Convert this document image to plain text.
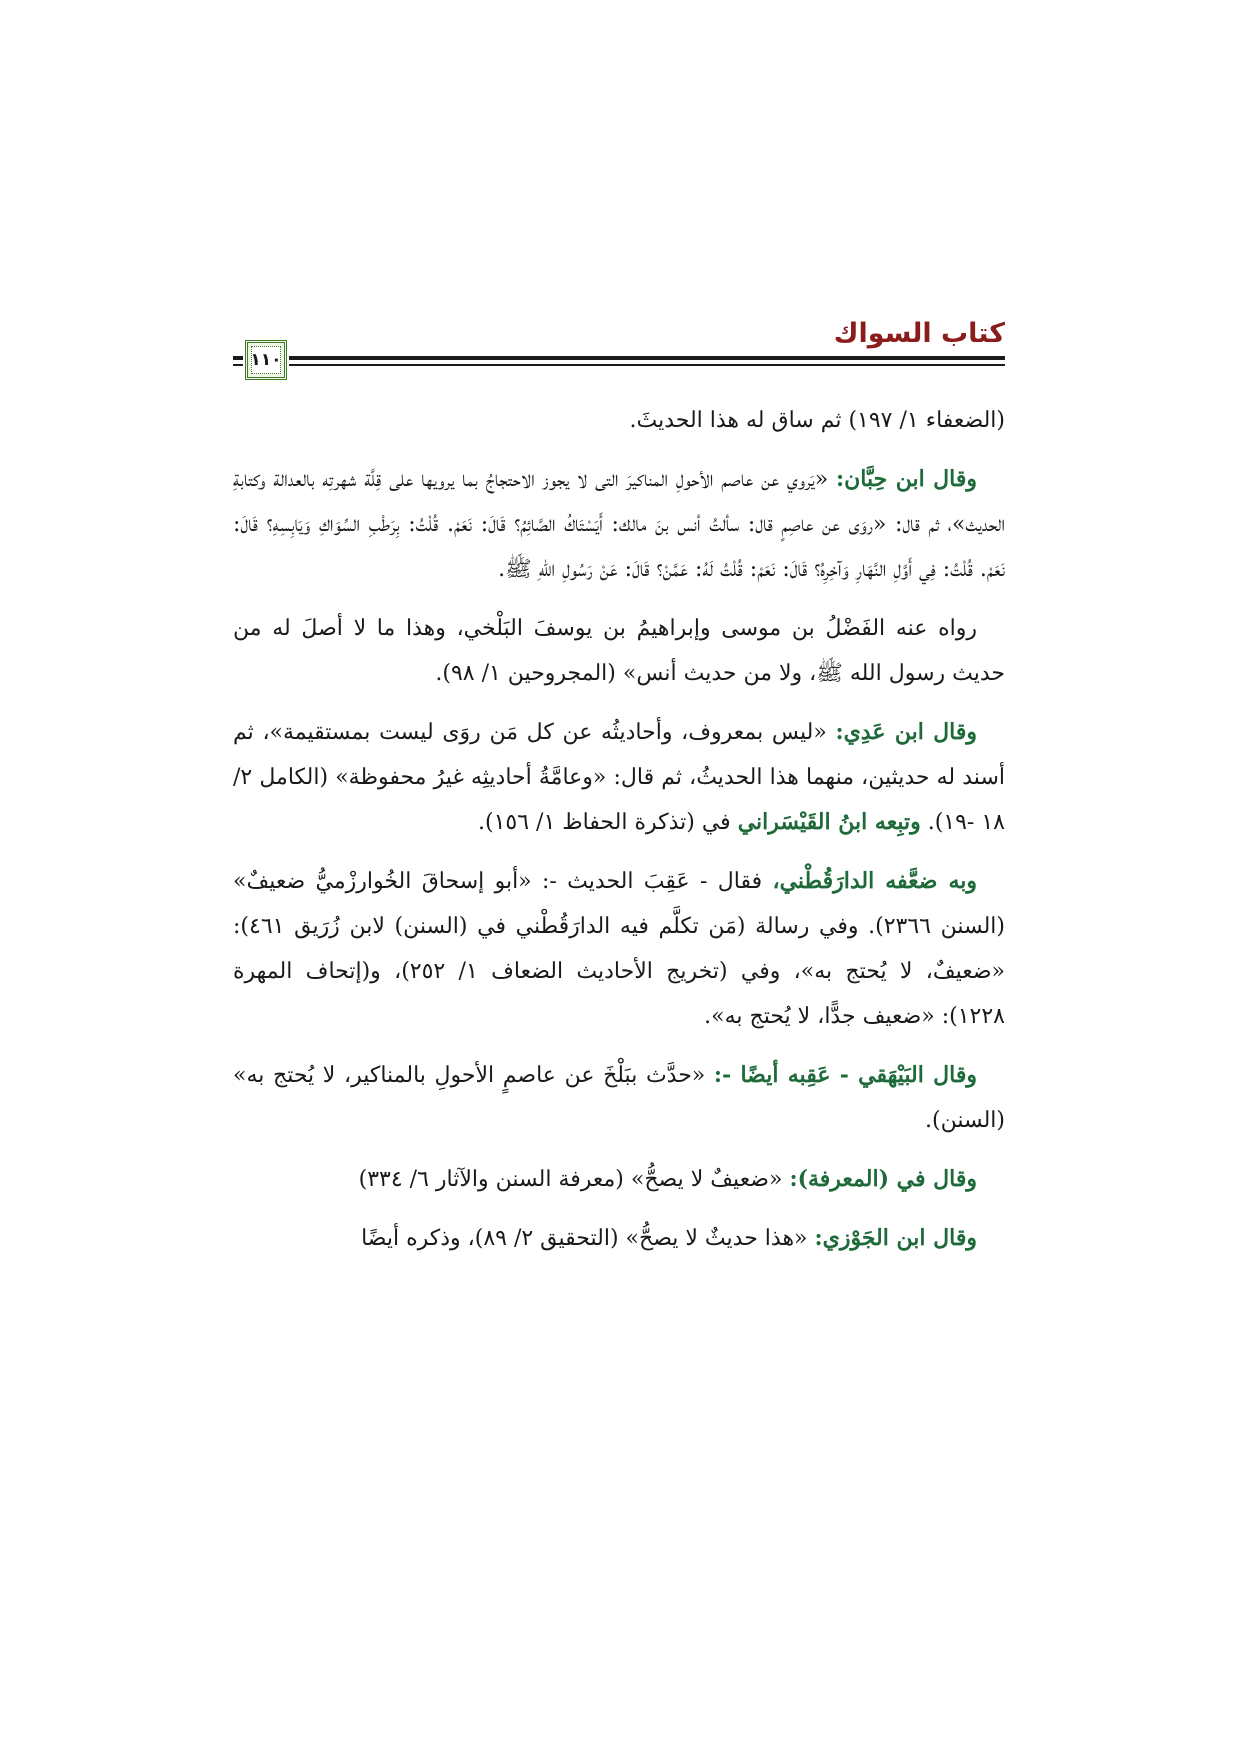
كتاب السواك
١١٠

(الضعفاء ١/ ١٩٧) ثم ساق له هذا الحديثَ.

وقال ابن حِبَّان: «يَروي عن عاصم الأحولِ المناكيرَ التى لا يجوز الاحتجاجُ بما يرويها على قِلَّة شهرتِه بالعدالة وكتابةِ الحديث»، ثم قال: «روَى عن عاصِمٍ قال: سألتُ أنس بنَ مالك: أَيَسْتَاكُ الصَّائِمُ؟ قَالَ: نَعَمْ. قُلْتُ: بِرَطْبِ السِّوَاكِ وَيَابِسِهِ؟ قَالَ: نَعَمْ. قُلْتُ: فِي أَوَّلِ النَّهَارِ وَآخِرِهُ؟ قَالَ: نَعَمْ: قُلْتُ لَهُ: عَمَّنْ؟ قَالَ: عَنْ رَسُولِ اللهِ ﷺ.

رواه عنه الفَضْلُ بن موسى وإبراهيمُ بن يوسفَ البَلْخي، وهذا ما لا أصلَ له من حديث رسول الله ﷺ، ولا من حديث أنس» (المجروحين ١/ ٩٨).

وقال ابن عَدِي: «ليس بمعروف، وأحاديثُه عن كل مَن روَى ليست بمستقيمة»، ثم أسند له حديثين، منهما هذا الحديثُ، ثم قال: «وعامَّةُ أحاديثِه غيرُ محفوظة» (الكامل ٢/ ١٨ -١٩). وتبِعه ابنُ القَيْسَراني في (تذكرة الحفاظ ١/ ١٥٦).

وبه ضعَّفه الدارَقُطْني، فقال - عَقِبَ الحديث -: «أبو إسحاقَ الخُوارزْميُّ ضعيفٌ» (السنن ٢٣٦٦). وفي رسالة (مَن تكلَّم فيه الدارَقُطْني في (السنن) لابن زُرَيق ٤٦١): «ضعيفٌ، لا يُحتج به»، وفي (تخريج الأحاديث الضعاف ١/ ٢٥٢)، و(إتحاف المهرة ١٢٢٨): «ضعيف جدًّا، لا يُحتج به».

وقال البَيْهَقي - عَقِبه أيضًا -: «حدَّث ببَلْخَ عن عاصمٍ الأحولِ بالمناكير، لا يُحتج به» (السنن).

وقال في (المعرفة): «ضعيفٌ لا يصحُّ» (معرفة السنن والآثار ٦/ ٣٣٤)

وقال ابن الجَوْزي: «هذا حديثٌ لا يصحُّ» (التحقيق ٢/ ٨٩)، وذكره أيضًا
